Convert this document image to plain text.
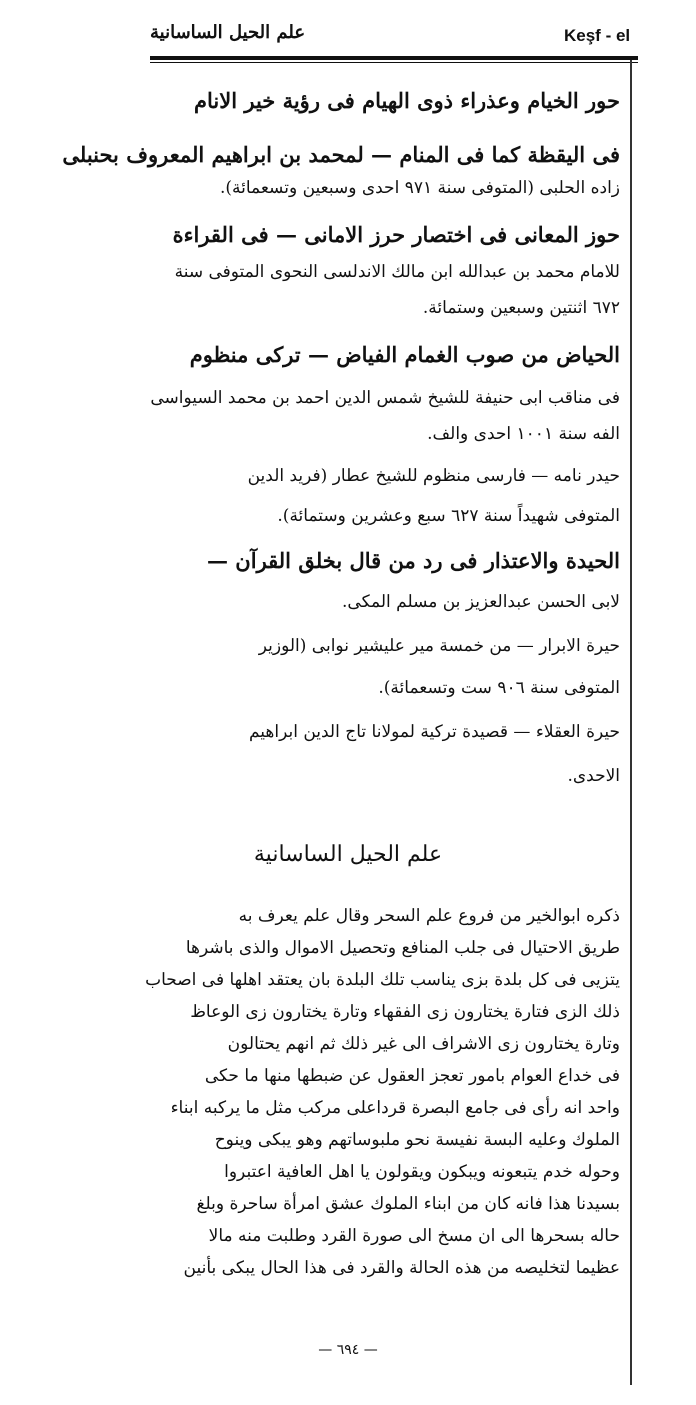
Keşf - el
علم الحيل الساسانية
حور الخيام وعذراء ذوى الهيام فى رؤية خير الانام
فى اليقظة كما فى المنام — لمحمد بن ابراهيم المعروف بحنبلى
زاده الحلبى (المتوفى سنة ٩٧١ احدى وسبعين وتسعمائة).
حوز المعانى فى اختصار حرز الامانى — فى القراءة
للامام محمد بن عبدالله ابن مالك الاندلسى النحوى المتوفى سنة
٦٧٢ اثنتين وسبعين وستمائة.
الحياض من صوب الغمام الفياض — تركى منظوم
فى مناقب ابى حنيفة للشيخ شمس الدين احمد بن محمد السيواسى
الفه سنة ١٠٠١ احدى والف.
حيدر نامه — فارسى منظوم للشيخ عطار (فريد الدين
المتوفى شهيداً سنة ٦٢٧ سبع وعشرين وستمائة).
الحيدة والاعتذار فى رد من قال بخلق القرآن —
لابى الحسن عبدالعزيز بن مسلم المكى.
حيرة الابرار — من خمسة مير عليشير نوابى (الوزير
المتوفى سنة ٩٠٦ ست وتسعمائة).
حيرة العقلاء — قصيدة تركية لمولانا تاج الدين ابراهيم
الاحدى.
علم الحيل الساسانية
ذكره ابوالخير من فروع علم السحر وقال علم يعرف به
طريق الاحتيال فى جلب المنافع وتحصيل الاموال والذى باشرها
يتزيى فى كل بلدة بزى يناسب تلك البلدة بان يعتقد اهلها فى اصحاب
ذلك الزى فتارة يختارون زى الفقهاء وتارة يختارون زى الوعاظ
وتارة يختارون زى الاشراف الى غير ذلك ثم انهم يحتالون
فى خداع العوام بامور تعجز العقول عن ضبطها منها ما حكى
واحد انه رأى فى جامع البصرة قرداعلى مركب مثل ما يركبه ابناء
الملوك وعليه البسة نفيسة نحو ملبوساتهم وهو يبكى وينوح
وحوله خدم يتبعونه ويبكون ويقولون يا اهل العافية اعتبروا
بسيدنا هذا فانه كان من ابناء الملوك عشق امرأة ساحرة وبلغ
حاله بسحرها الى ان مسخ الى صورة القرد وطلبت منه مالا
عظيما لتخليصه من هذه الحالة والقرد فى هذا الحال يبكى بأنين
— ٦٩٤ —
